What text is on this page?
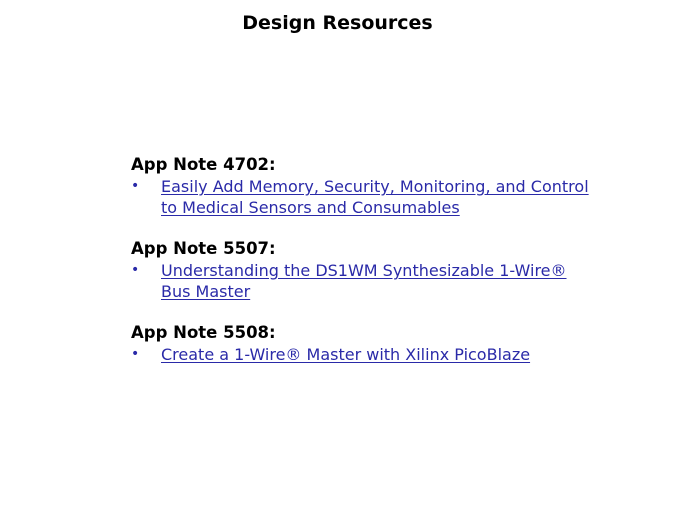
Design Resources
App Note 4702:
•	Easily Add Memory, Security, Monitoring, and Control to Medical Sensors and Consumables
App Note 5507:
•	Understanding the DS1WM Synthesizable 1-Wire® Bus Master
App Note 5508:
•	Create a 1-Wire® Master with Xilinx PicoBlaze
